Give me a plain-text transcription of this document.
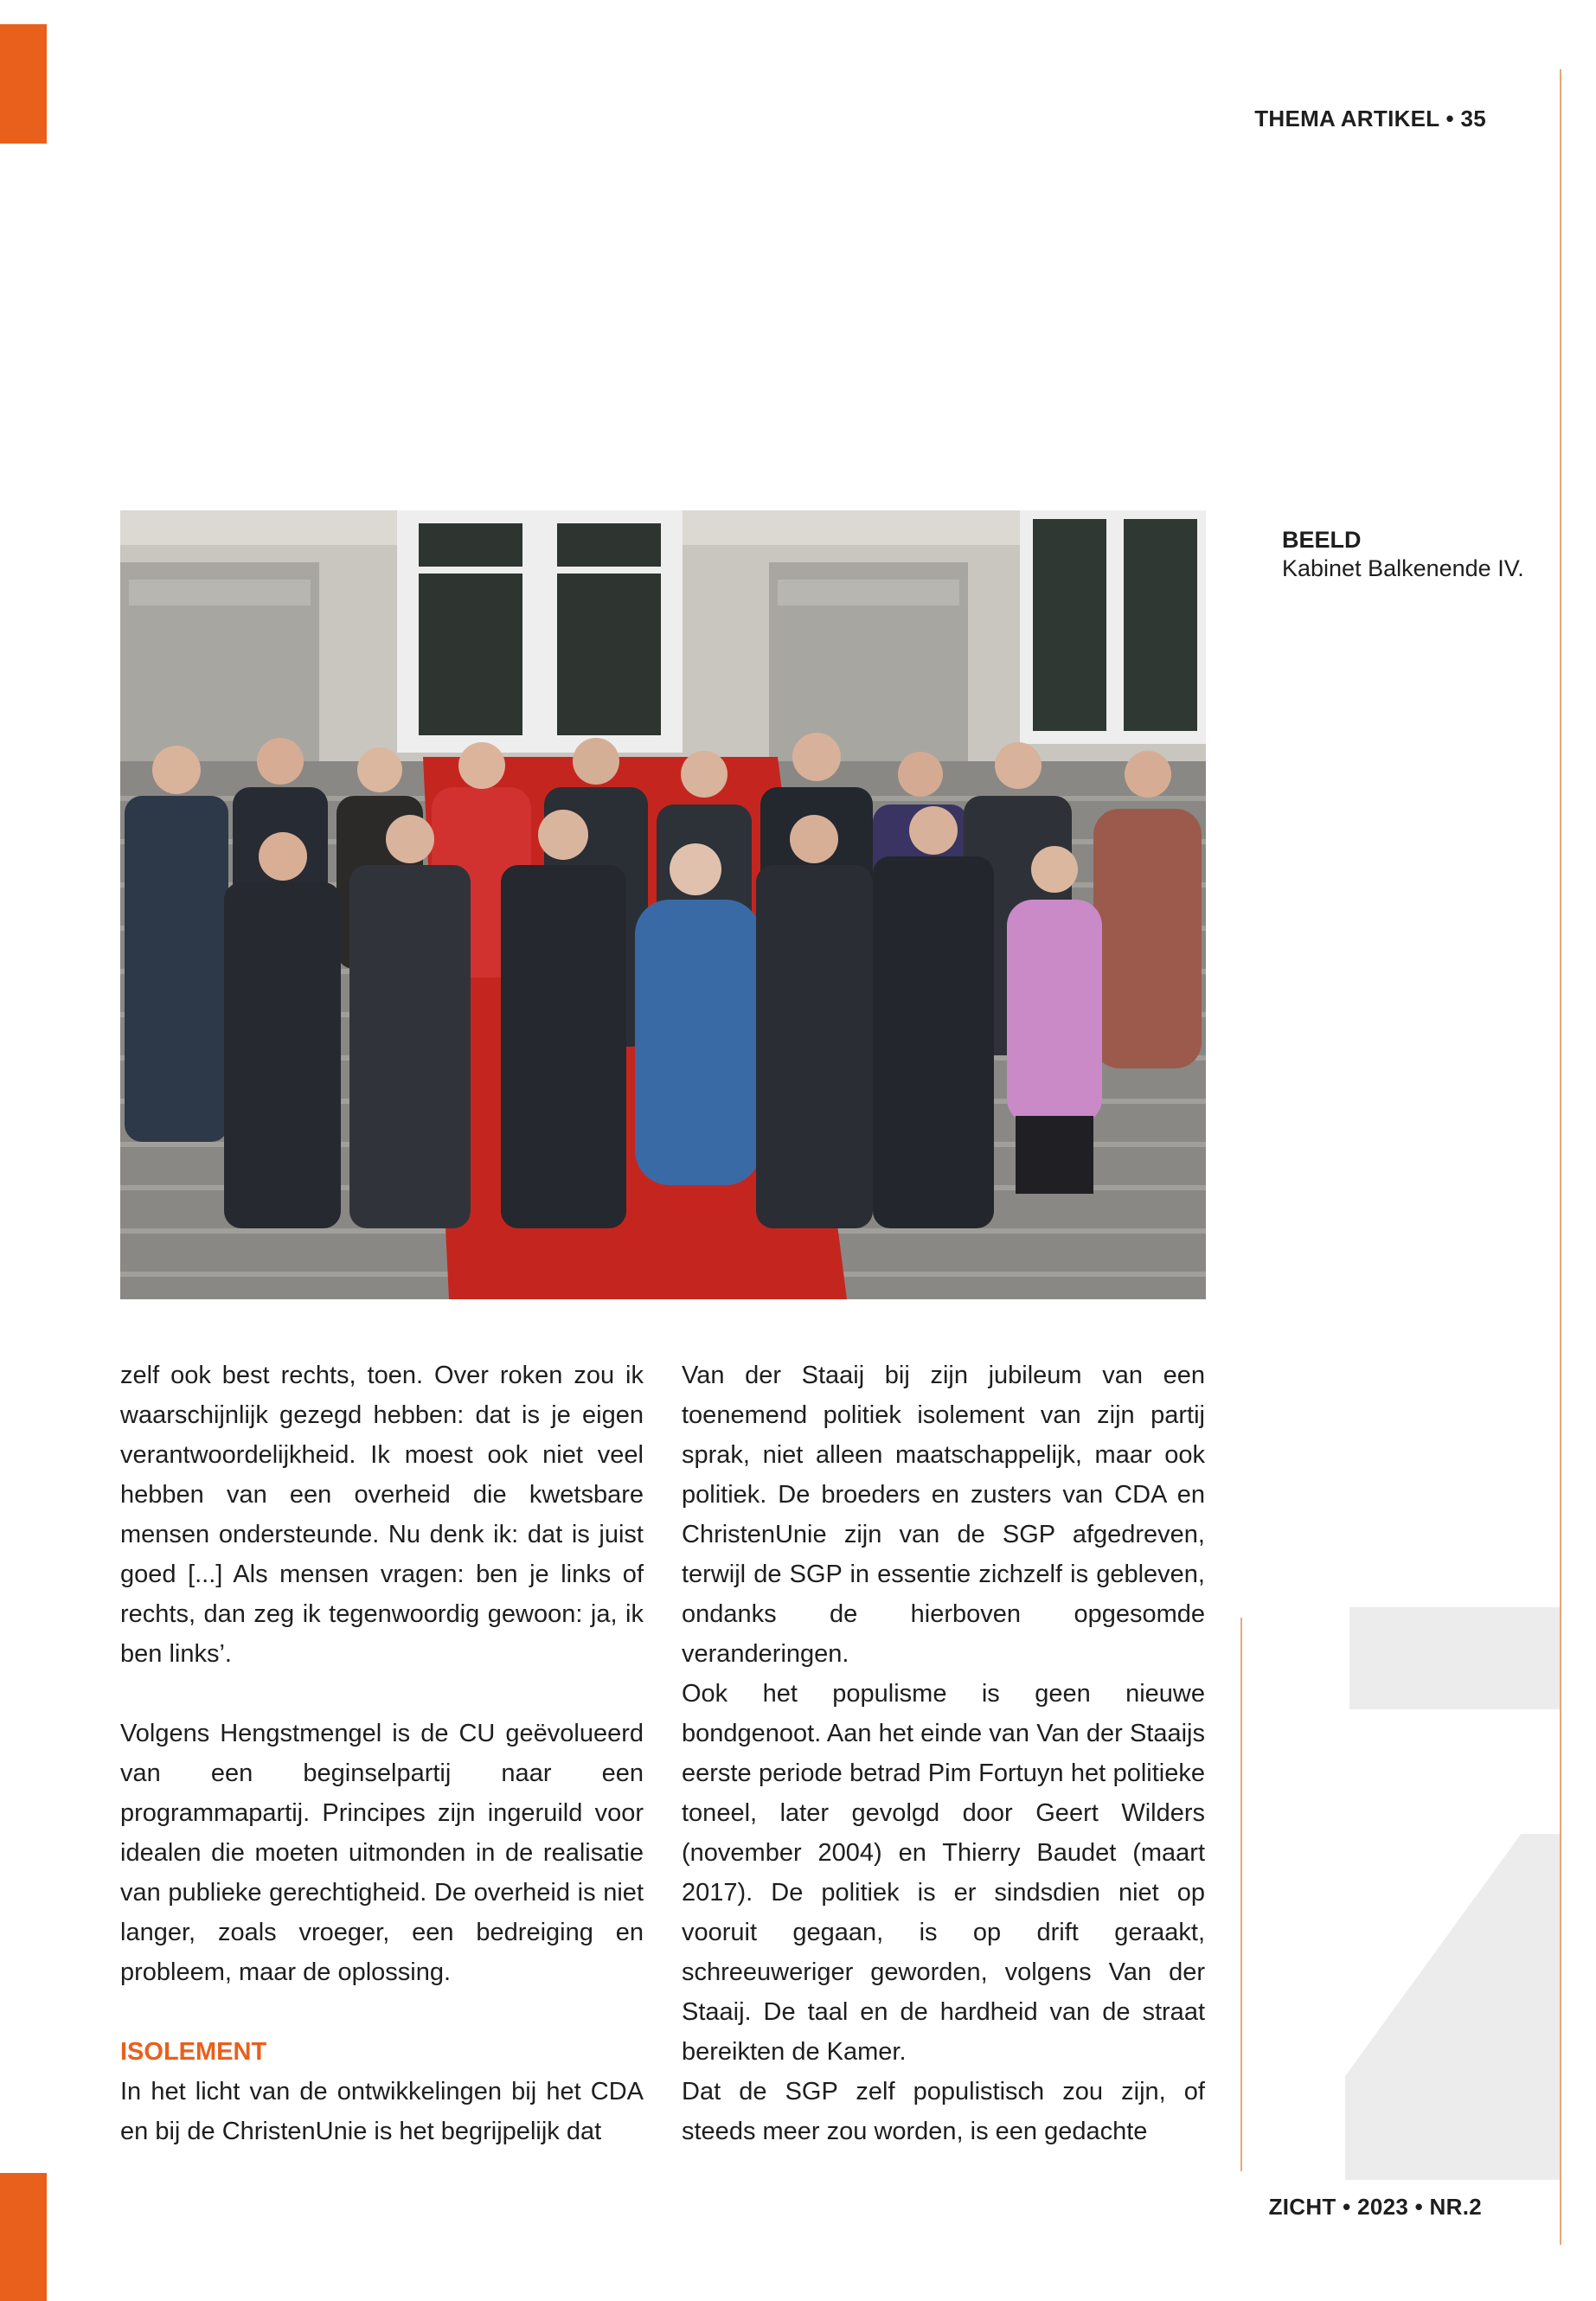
THEMA ARTIKEL • 35
BEELD
Kabinet Balkenende IV.

zelf ook best rechts, toen. Over roken zou ik waarschijnlijk gezegd hebben: dat is je eigen verantwoordelijkheid. Ik moest ook niet veel hebben van een overheid die kwetsbare mensen ondersteunde. Nu denk ik: dat is juist goed [...] Als mensen vragen: ben je links of rechts, dan zeg ik tegenwoordig gewoon: ja, ik ben links’.

Volgens Hengstmengel is de CU geëvolueerd van een beginselpartij naar een programmapartij. Principes zijn ingeruild voor idealen die moeten uitmonden in de realisatie van publieke gerechtigheid. De overheid is niet langer, zoals vroeger, een bedreiging en probleem, maar de oplossing.

ISOLEMENT

In het licht van de ontwikkelingen bij het CDA en bij de ChristenUnie is het begrijpelijk dat

Van der Staaij bij zijn jubileum van een toenemend politiek isolement van zijn partij sprak, niet alleen maatschappelijk, maar ook politiek. De broeders en zusters van CDA en ChristenUnie zijn van de SGP afgedreven, terwijl de SGP in essentie zichzelf is gebleven, ondanks de hierboven opgesomde veranderingen.

Ook het populisme is geen nieuwe bondgenoot. Aan het einde van Van der Staaijs eerste periode betrad Pim Fortuyn het politieke toneel, later gevolgd door Geert Wilders (november 2004) en Thierry Baudet (maart 2017). De politiek is er sindsdien niet op vooruit gegaan, is op drift geraakt, schreeuweriger geworden, volgens Van der Staaij. De taal en de hardheid van de straat bereikten de Kamer.

Dat de SGP zelf populistisch zou zijn, of steeds meer zou worden, is een gedachte

ZICHT • 2023 • NR.2
